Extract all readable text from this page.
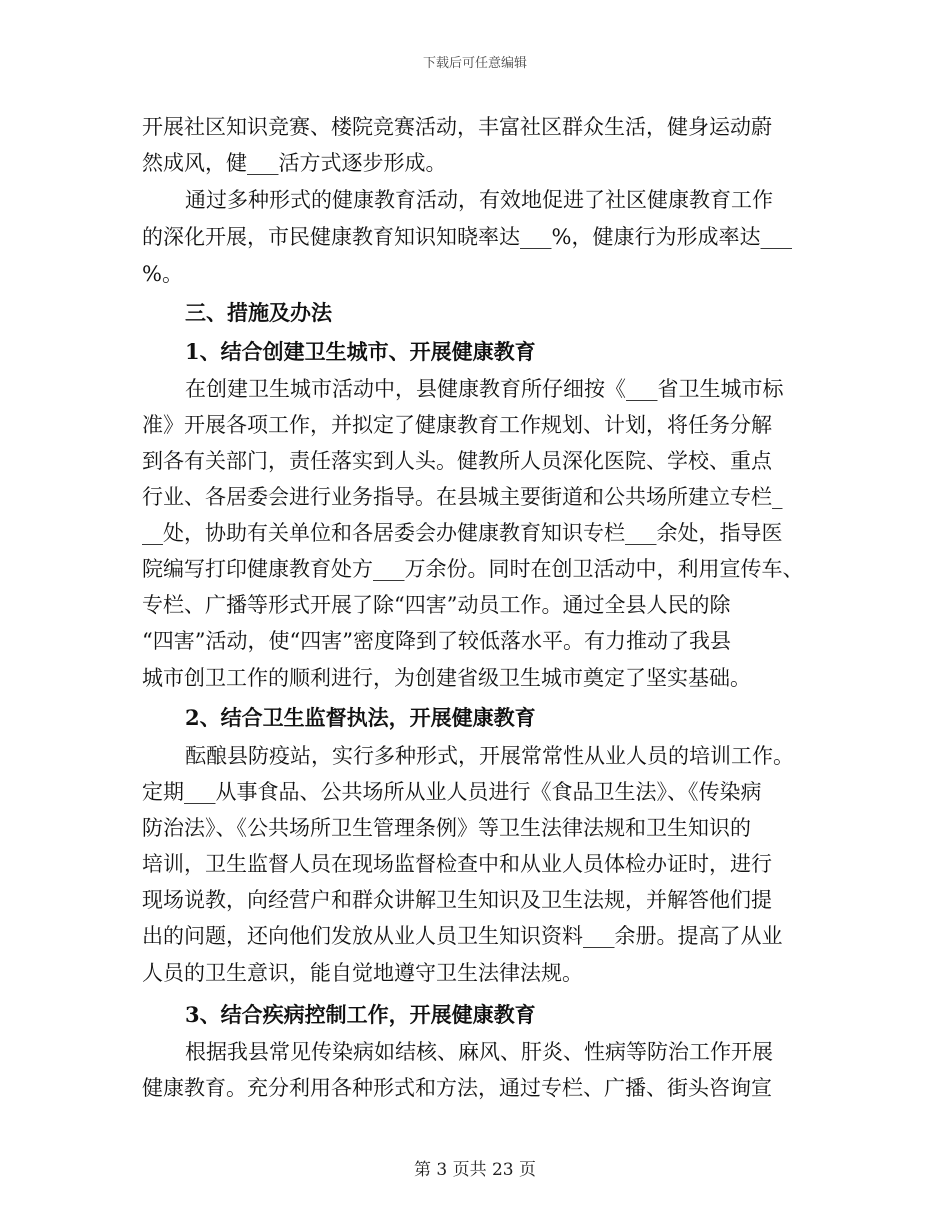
下载后可任意编辑
开展社区知识竞赛、楼院竞赛活动，丰富社区群众生活，健身运动蔚
然成风，健___活方式逐步形成。
通过多种形式的健康教育活动，有效地促进了社区健康教育工作
的深化开展，市民健康教育知识知晓率达___%，健康行为形成率达___
%。
三、措施及办法
1、结合创建卫生城市、开展健康教育
在创建卫生城市活动中，县健康教育所仔细按《___省卫生城市标
准》开展各项工作，并拟定了健康教育工作规划、计划，将任务分解
到各有关部门，责任落实到人头。健教所人员深化医院、学校、重点
行业、各居委会进行业务指导。在县城主要街道和公共场所建立专栏_
__处，协助有关单位和各居委会办健康教育知识专栏___余处，指导医
院编写打印健康教育处方___万余份。同时在创卫活动中，利用宣传车、
专栏、广播等形式开展了除“四害”动员工作。通过全县人民的除
“四害”活动，使“四害”密度降到了较低落水平。有力推动了我县
城市创卫工作的顺利进行，为创建省级卫生城市奠定了坚实基础。
2、结合卫生监督执法，开展健康教育
酝酿县防疫站，实行多种形式，开展常常性从业人员的培训工作。
定期___从事食品、公共场所从业人员进行《食品卫生法》、《传染病
防治法》、《公共场所卫生管理条例》等卫生法律法规和卫生知识的
培训，卫生监督人员在现场监督检查中和从业人员体检办证时，进行
现场说教，向经营户和群众讲解卫生知识及卫生法规，并解答他们提
出的问题，还向他们发放从业人员卫生知识资料___余册。提高了从业
人员的卫生意识，能自觉地遵守卫生法律法规。
3、结合疾病控制工作，开展健康教育
根据我县常见传染病如结核、麻风、肝炎、性病等防治工作开展
健康教育。充分利用各种形式和方法，通过专栏、广播、街头咨询宣
第 3 页共 23 页
